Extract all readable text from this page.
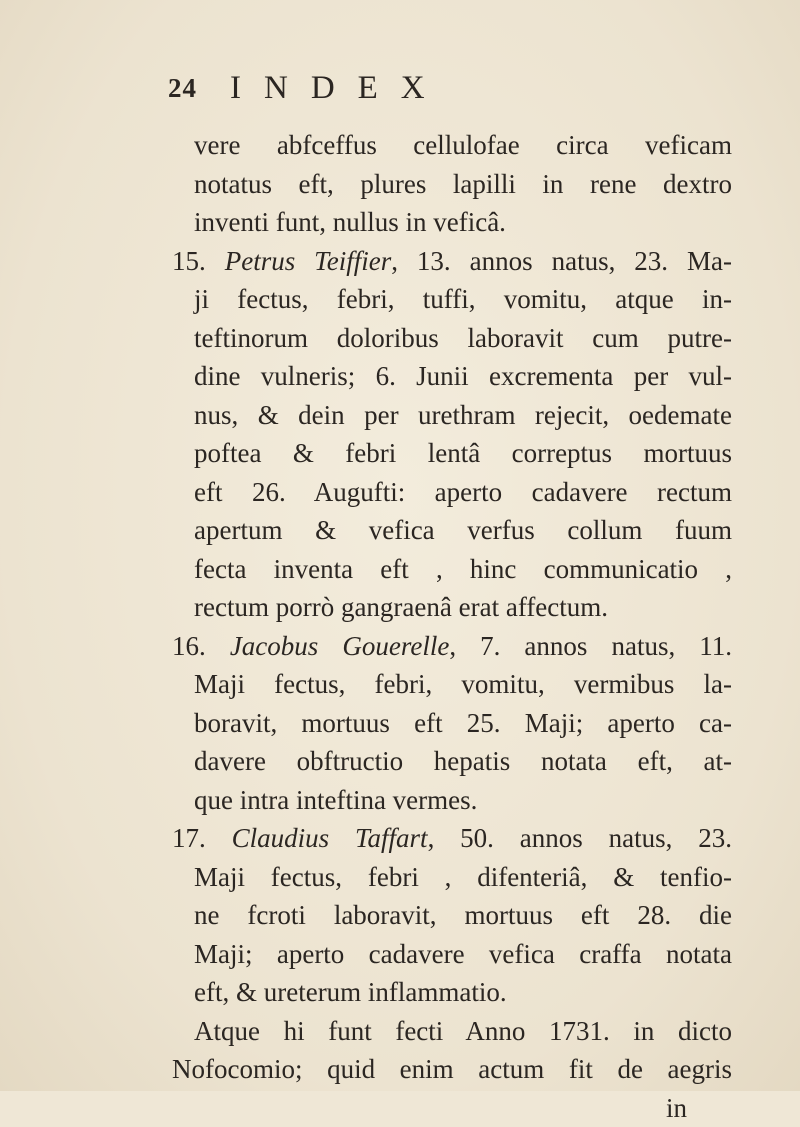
24 INDEX
vere abfceffus cellulofae circa veficam
notatus eft, plures lapilli in rene dextro
inventi funt, nullus in veficâ.
15. Petrus Teiffier, 13. annos natus, 23. Ma-
ji fectus, febri, tuffi, vomitu, atque in-
teftinorum doloribus laboravit cum putre-
dine vulneris; 6. Junii excrementa per vul-
nus, & dein per urethram rejecit, oedemate
poftea & febri lentâ correptus mortuus
eft 26. Augufti: aperto cadavere rectum
apertum & vefica verfus collum fuum
fecta inventa eft , hinc communicatio ,
rectum porrò gangraenâ erat affectum.
16. Jacobus Gouerelle, 7. annos natus, 11.
Maji fectus, febri, vomitu, vermibus la-
boravit, mortuus eft 25. Maji; aperto ca-
davere obftructio hepatis notata eft, at-
que intra inteftina vermes.
17. Claudius Taffart, 50. annos natus, 23.
Maji fectus, febri , difenteriâ, & tenfio-
ne fcroti laboravit, mortuus eft 28. die
Maji; aperto cadavere vefica craffa notata
eft, & ureterum inflammatio.
Atque hi funt fecti Anno 1731. in dicto
Nofocomio; quid enim actum fit de aegris
in
